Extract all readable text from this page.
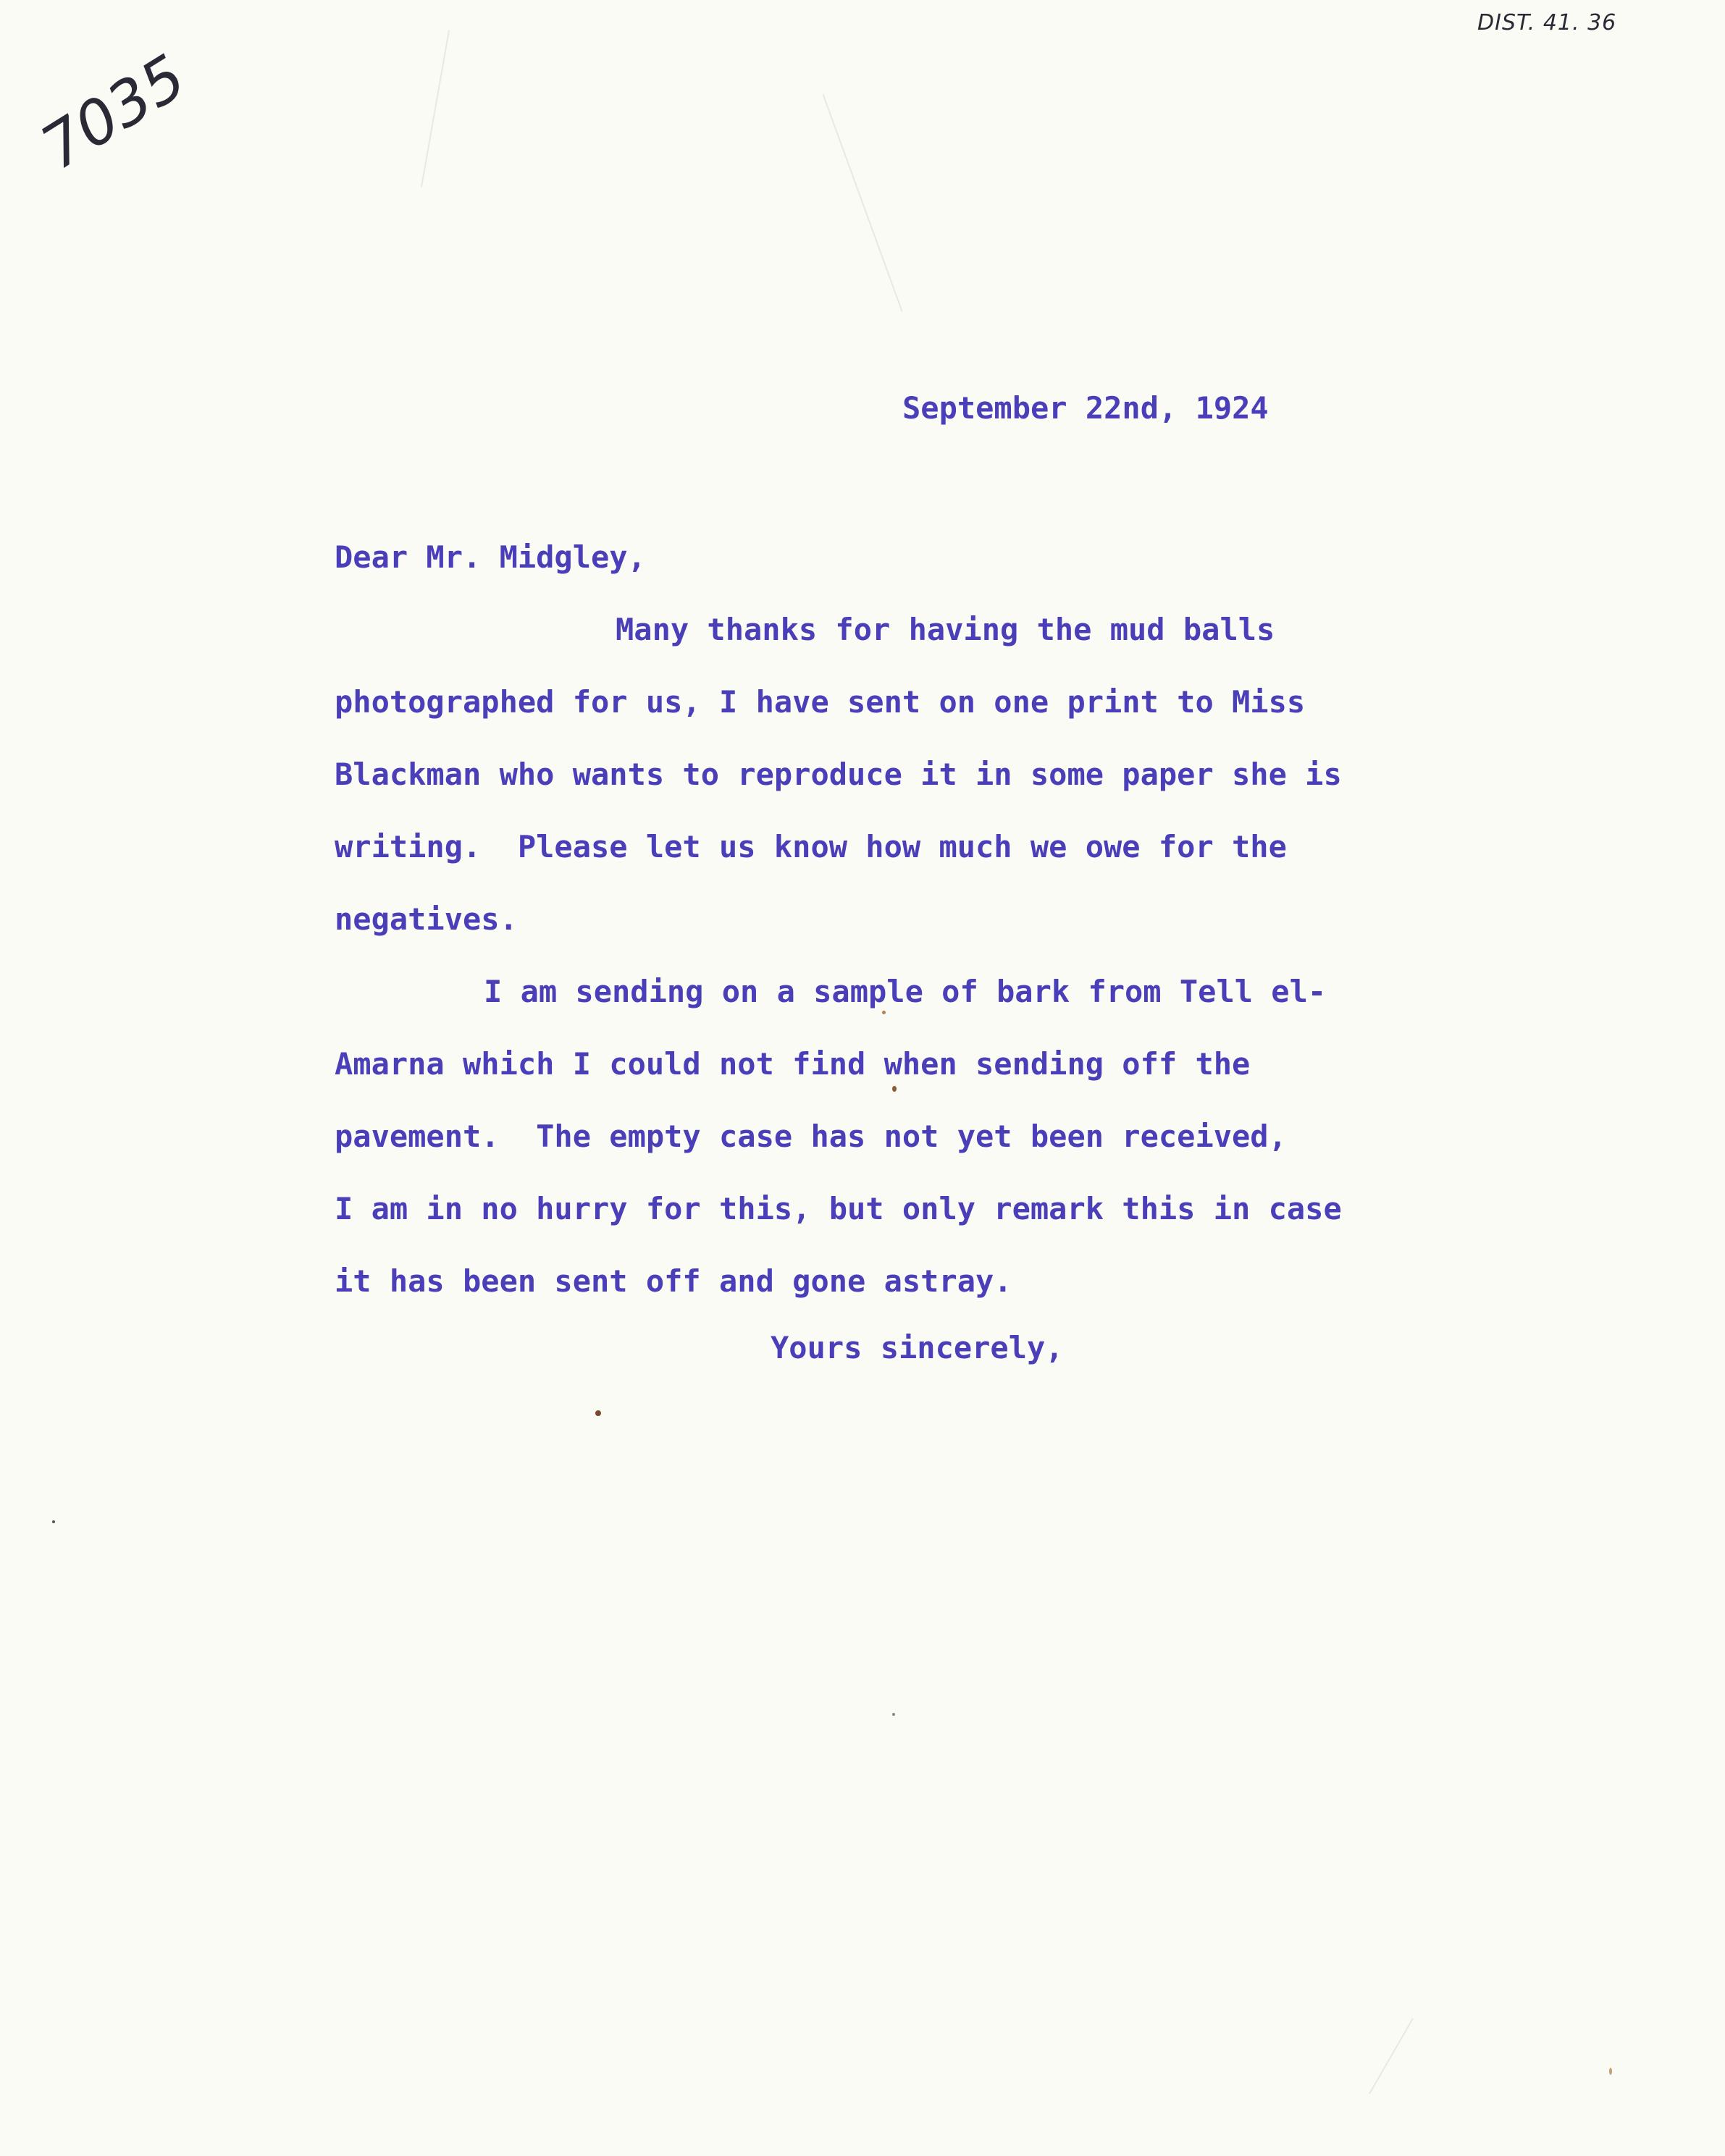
DIST. 41. 36
7035
September 22nd, 1924
Dear Mr. Midgley,
Many thanks for having the mud balls
photographed for us, I have sent on one print to Miss
Blackman who wants to reproduce it in some paper she is
writing.  Please let us know how much we owe for the
negatives.
I am sending on a sample of bark from Tell el-
Amarna which I could not find when sending off the
pavement.  The empty case has not yet been received,
I am in no hurry for this, but only remark this in case
it has been sent off and gone astray.
Yours sincerely,
